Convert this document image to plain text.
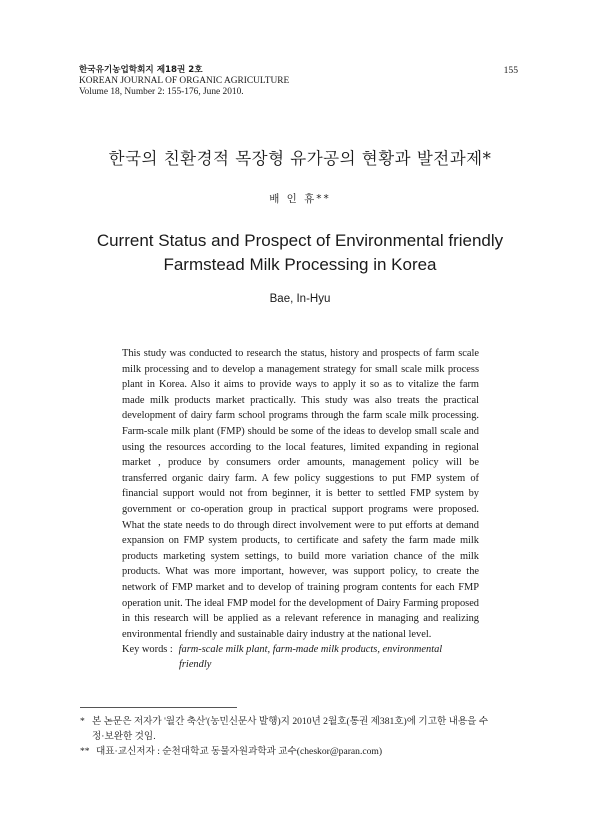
한국유기농업학회지 제18권 2호
KOREAN JOURNAL OF ORGANIC AGRICULTURE
Volume 18, Number 2: 155-176, June 2010.
155
한국의 친환경적 목장형 유가공의 현황과 발전과제*
배 인 휴**
Current Status and Prospect of Environmental friendly
Farmstead Milk Processing in Korea
Bae, In-Hyu
This study was conducted to research the status, history and prospects of farm scale milk processing and to develop a management strategy for small scale milk process plant in Korea. Also it aims to provide ways to apply it so as to vitalize the farm made milk products market practically. This study was also treats the practical development of dairy farm school programs through the farm scale milk processing. Farm-scale milk plant (FMP) should be some of the ideas to develop small scale and using the resources according to the local features, limited expanding in regional market , produce by consumers order amounts, management policy will be transferred organic dairy farm. A few policy suggestions to put FMP system of financial support would not from beginner, it is better to settled FMP system by government or co-operation group in practical support programs were proposed. What the state needs to do through direct involvement were to put efforts at demand expansion on FMP system products, to certificate and safety the farm made milk products marketing system settings, to build more variation chance of the milk products. What was more important, however, was support policy, to create the network of FMP market and to develop of training program contents for each FMP operation unit. The ideal FMP model for the development of Dairy Farming proposed in this research will be applied as a relevant reference in managing and realizing environmental friendly and sustainable dairy industry at the national level.
Key words : farm-scale milk plant, farm-made milk products, environmental
friendly
* 본 논문은 저자가 '월간 축산'(농민신문사 발행)지 2010년 2월호(통권 제381호)에 기고한 내용을 수
정·보완한 것임.
** 대표·교신저자 : 순천대학교 동물자원과학과 교수(cheskor@paran.com)
